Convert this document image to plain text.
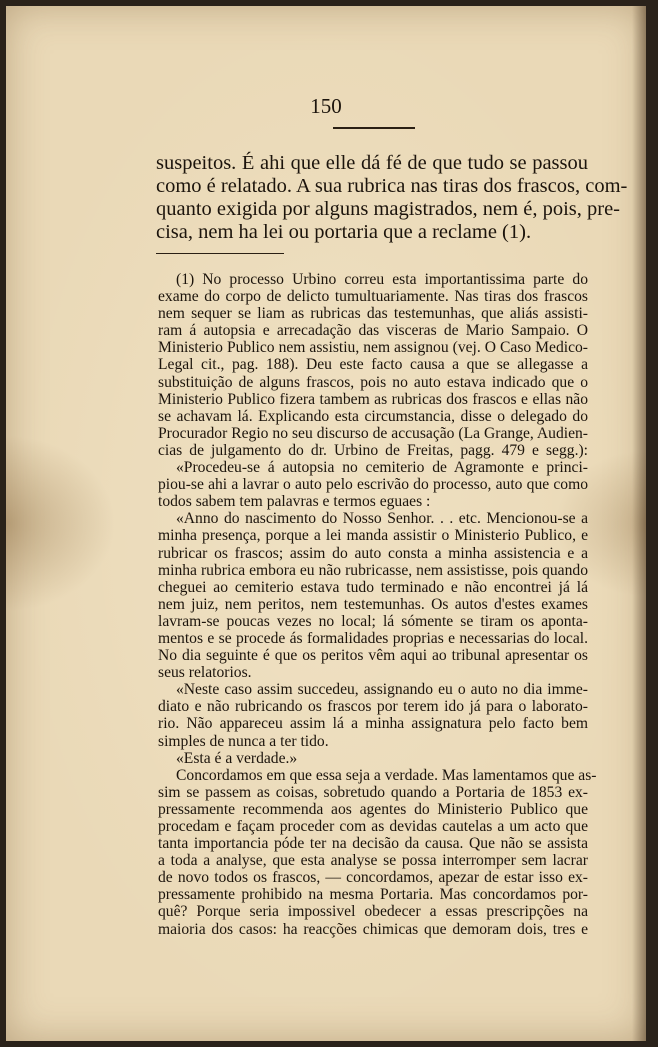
150
suspeitos. É ahi que elle dá fé de que tudo se passou
como é relatado. A sua rubrica nas tiras dos frascos, com-
quanto exigida por alguns magistrados, nem é, pois, pre-
cisa, nem ha lei ou portaria que a reclame (1).
(1) No processo Urbino correu esta importantissima parte do
exame do corpo de delicto tumultuariamente. Nas tiras dos frascos
nem sequer se liam as rubricas das testemunhas, que aliás assisti-
ram á autopsia e arrecadação das visceras de Mario Sampaio. O
Ministerio Publico nem assistiu, nem assignou (vej. O Caso Medico-
Legal cit., pag. 188). Deu este facto causa a que se allegasse a
substituição de alguns frascos, pois no auto estava indicado que o
Ministerio Publico fizera tambem as rubricas dos frascos e ellas não
se achavam lá. Explicando esta circumstancia, disse o delegado do
Procurador Regio no seu discurso de accusação (La Grange, Audien-
cias de julgamento do dr. Urbino de Freitas, pagg. 479 e segg.):
«Procedeu-se á autopsia no cemiterio de Agramonte e princi-
piou-se ahi a lavrar o auto pelo escrivão do processo, auto que como
todos sabem tem palavras e termos eguaes :
«Anno do nascimento do Nosso Senhor. . . etc. Mencionou-se a
minha presença, porque a lei manda assistir o Ministerio Publico, e
rubricar os frascos; assim do auto consta a minha assistencia e a
minha rubrica embora eu não rubricasse, nem assistisse, pois quando
cheguei ao cemiterio estava tudo terminado e não encontrei já lá
nem juiz, nem peritos, nem testemunhas. Os autos d'estes exames
lavram-se poucas vezes no local; lá sómente se tiram os aponta-
mentos e se procede ás formalidades proprias e necessarias do local.
No dia seguinte é que os peritos vêm aqui ao tribunal apresentar os
seus relatorios.
«Neste caso assim succedeu, assignando eu o auto no dia imme-
diato e não rubricando os frascos por terem ido já para o laborato-
rio. Não appareceu assim lá a minha assignatura pelo facto bem
simples de nunca a ter tido.
«Esta é a verdade.»
Concordamos em que essa seja a verdade. Mas lamentamos que as-
sim se passem as coisas, sobretudo quando a Portaria de 1853 ex-
pressamente recommenda aos agentes do Ministerio Publico que
procedam e façam proceder com as devidas cautelas a um acto que
tanta importancia póde ter na decisão da causa. Que não se assista
a toda a analyse, que esta analyse se possa interromper sem lacrar
de novo todos os frascos, — concordamos, apezar de estar isso ex-
pressamente prohibido na mesma Portaria. Mas concordamos por-
quê? Porque seria impossivel obedecer a essas prescripções na
maioria dos casos: ha reacções chimicas que demoram dois, tres e
